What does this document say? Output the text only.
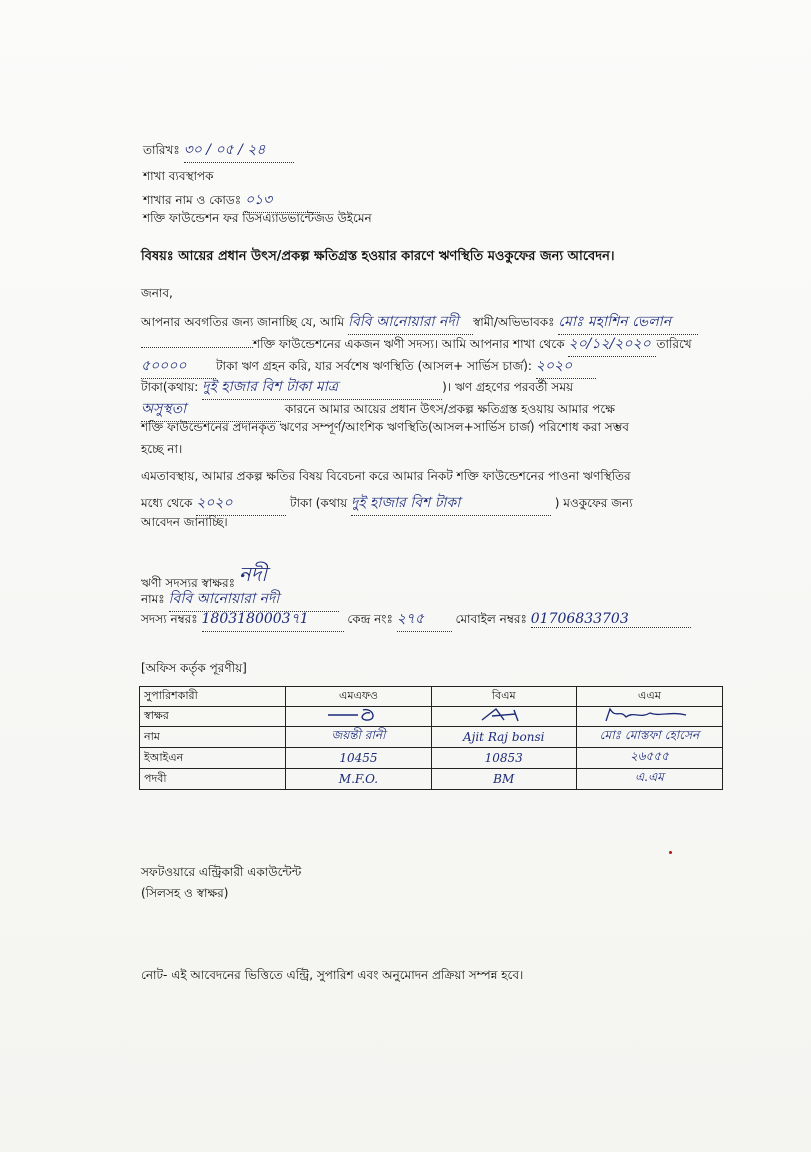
তারিখঃ ৩০ / ০৫ / ২৪
শাখা ব্যবস্থাপক
শাখার নাম ও কোডঃ ০১৩
শক্তি ফাউন্ডেশন ফর ডিসএ্যাডভান্টেজড উইমেন
বিষয়ঃ আয়ের প্রধান উৎস/প্রকল্প ক্ষতিগ্রস্ত হওয়ার কারণে ঋণস্থিতি মওকুফের জন্য আবেদন।
জনাব,
আপনার অবগতির জন্য জানাচ্ছি যে, আমি বিবি আনোয়ারা নদী স্বামী/অভিভাবকঃ মোঃ মহাশিন ভেলান
শক্তি ফাউন্ডেশনের একজন ঋণী সদস্য। আমি আপনার শাখা থেকে ২০/১২/২০২০ তারিখে
৫০০০০ টাকা ঋণ গ্রহন করি, যার সর্বশেষ ঋণস্থিতি (আসল+ সার্ভিস চার্জ): ২০২০
টাকা(কথায়: দুই হাজার বিশ টাকা মাত্র	)। ঋণ গ্রহণের পরবর্তী সময়
অসুস্থতা	কারনে আমার আয়ের প্রধান উৎস/প্রকল্প ক্ষতিগ্রস্ত হওয়ায় আমার পক্ষে
শক্তি ফাউন্ডেশনের প্রদানকৃত ঋণের সম্পূর্ণ/আংশিক ঋণস্থিতি(আসল+সার্ভিস চার্জ) পরিশোধ করা সম্ভব
হচ্ছে না।
এমতাবস্থায়, আমার প্রকল্প ক্ষতির বিষয় বিবেচনা করে আমার নিকট শক্তি ফাউন্ডেশনের পাওনা ঋণস্থিতির
মধ্যে থেকে ২০২০	টাকা (কথায় দুই হাজার বিশ টাকা	) মওকুফের জন্য
আবেদন জানাচ্ছি।
ঋণী সদস্যর স্বাক্ষরঃ নদী
নামঃ বিবি আনোয়ারা নদী
সদস্য নম্বরঃ 1803180003৭1	কেন্দ্র নংঃ ২৭৫	মোবাইল নম্বরঃ 01706833703
[অফিস কর্তৃক পূরণীয়]
সুপারিশকারী	এমএফও	বিএম	এএম
স্বাক্ষর			
নাম	জয়ন্তী রানী	Ajit Raj bonsi	মোঃ মোস্তফা হোসেন
ইআইএন	10455	10853	২৬৫৫৫
পদবী	M.F.O.	BM	এ.এম
সফটওয়ারে এন্ট্রিকারী একাউন্টেন্ট
(সিলসহ ও স্বাক্ষর)
নোট- এই আবেদনের ভিত্তিতে এন্ট্রি, সুপারিশ এবং অনুমোদন প্রক্রিয়া সম্পন্ন হবে।
